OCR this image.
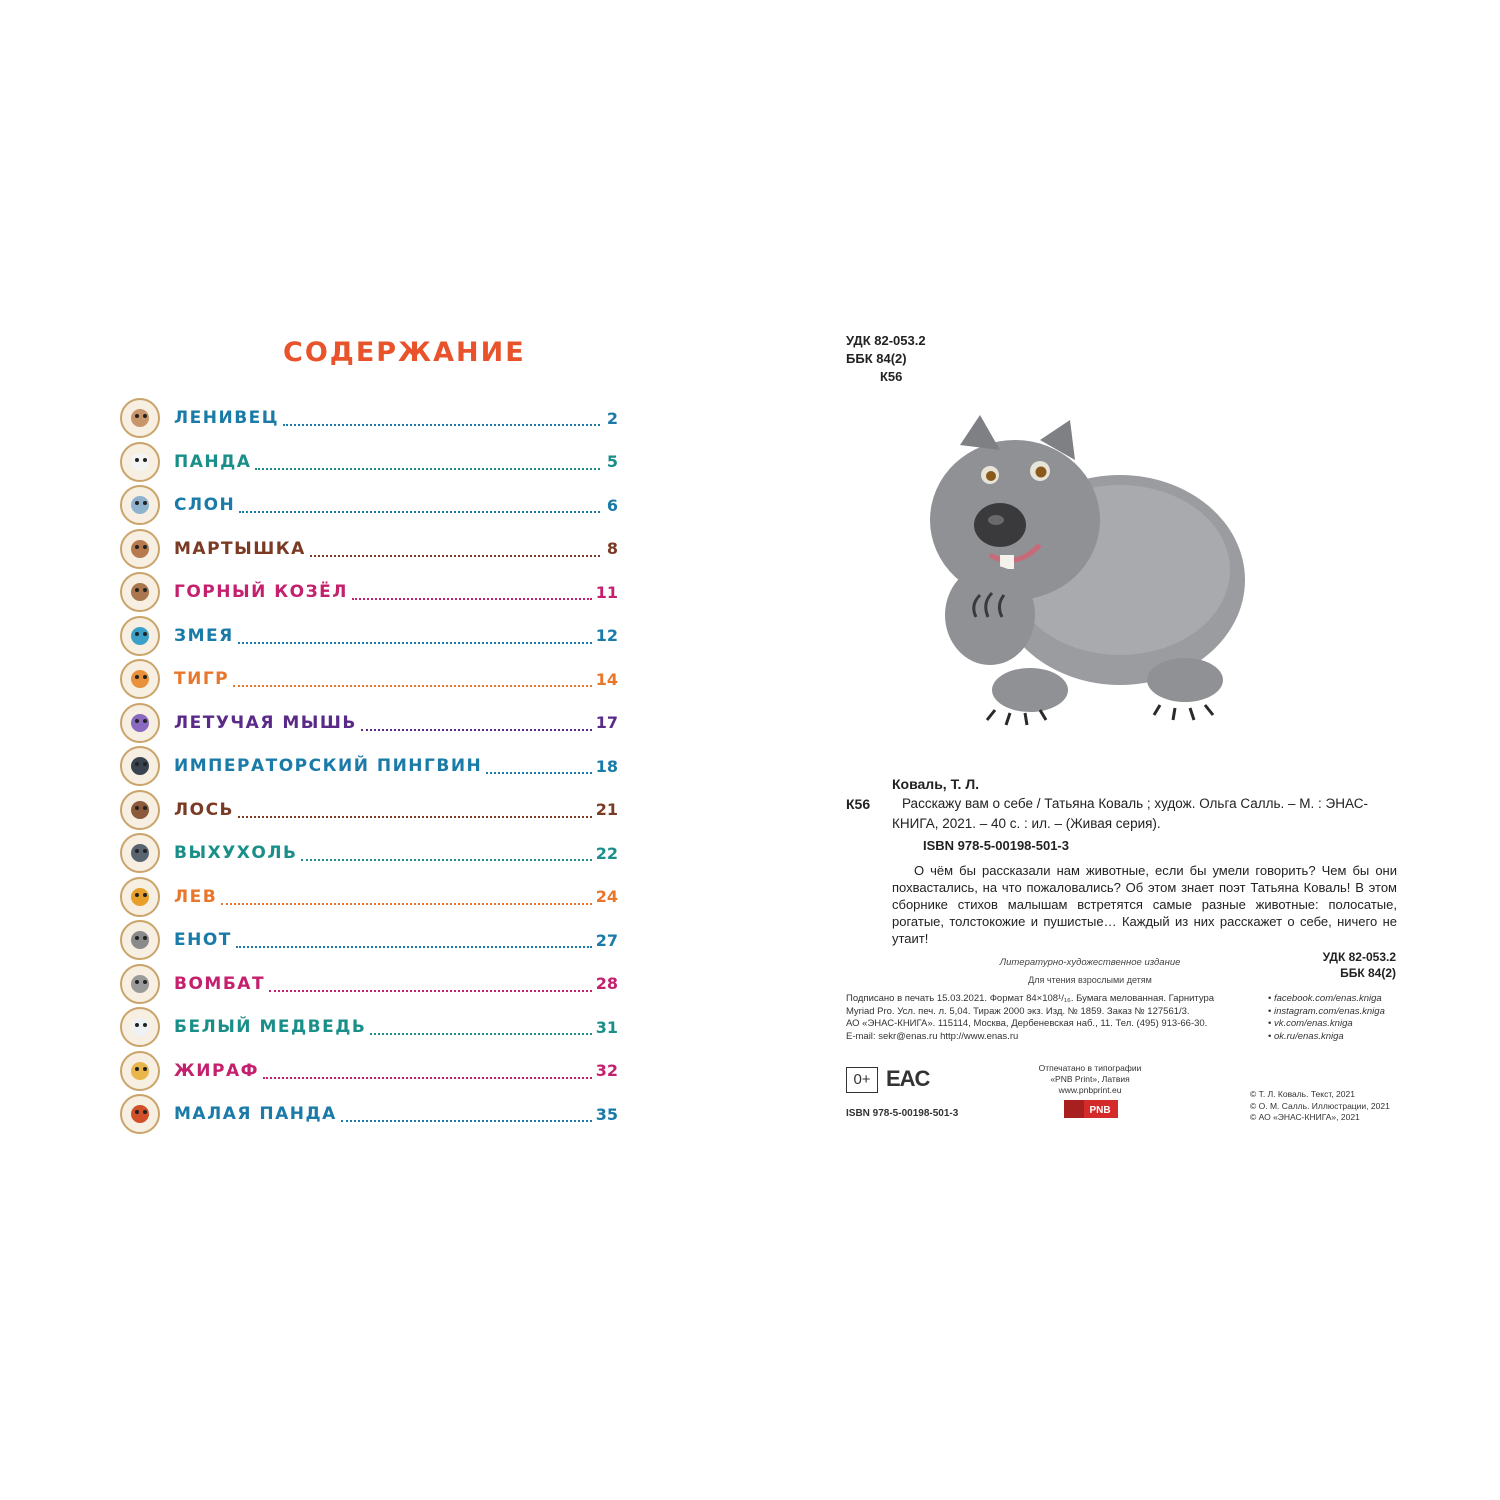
СОДЕРЖАНИЕ
ЛЕНИВЕЦ	2
ПАНДА	5
СЛОН	6
МАРТЫШКА	8
ГОРНЫЙ КОЗЁЛ	11
ЗМЕЯ	12
ТИГР	14
ЛЕТУЧАЯ МЫШЬ	17
ИМПЕРАТОРСКИЙ ПИНГВИН	18
ЛОСЬ	21
ВЫХУХОЛЬ	22
ЛЕВ	24
ЕНОТ	27
ВОМБАТ	28
БЕЛЫЙ МЕДВЕДЬ	31
ЖИРАФ	32
МАЛАЯ ПАНДА	35
УДК 82-053.2
ББК 84(2)
К56
Коваль, Т. Л.
К56	Расскажу вам о себе / Татьяна Коваль ; худож. Ольга Салль. – М. : ЭНАС-КНИГА, 2021. – 40 с. : ил. – (Живая серия).
ISBN 978-5-00198-501-3
О чём бы рассказали нам животные, если бы умели говорить? Чем бы они похвастались, на что пожаловались? Об этом знает поэт Татьяна Коваль! В этом сборнике стихов малышам встретятся самые разные животные: полосатые, рогатые, толстокожие и пушистые… Каждый из них расскажет о себе, ничего не утаит!
Литературно-художественное издание
Для чтения взрослыми детям
УДК 82-053.2
ББК 84(2)
Подписано в печать 15.03.2021. Формат 84×108¹/₁₆. Бумага мелованная. Гарнитура
Myriad Pro. Усл. печ. л. 5,04. Тираж 2000 экз. Изд. № 1859. Заказ № 127561/3.
АО «ЭНАС-КНИГА». 115114, Москва, Дербеневская наб., 11. Тел. (495) 913-66-30.
E-mail: sekr@enas.ru http://www.enas.ru
• facebook.com/enas.kniga
• instagram.com/enas.kniga
• vk.com/enas.kniga
• ok.ru/enas.kniga
0+ EAC
ISBN 978-5-00198-501-3
Отпечатано в типографии
«PNB Print», Латвия
www.pnbprint.eu
PNB
© Т. Л. Коваль. Текст, 2021
© О. М. Салль. Иллюстрации, 2021
© АО «ЭНАС-КНИГА», 2021
